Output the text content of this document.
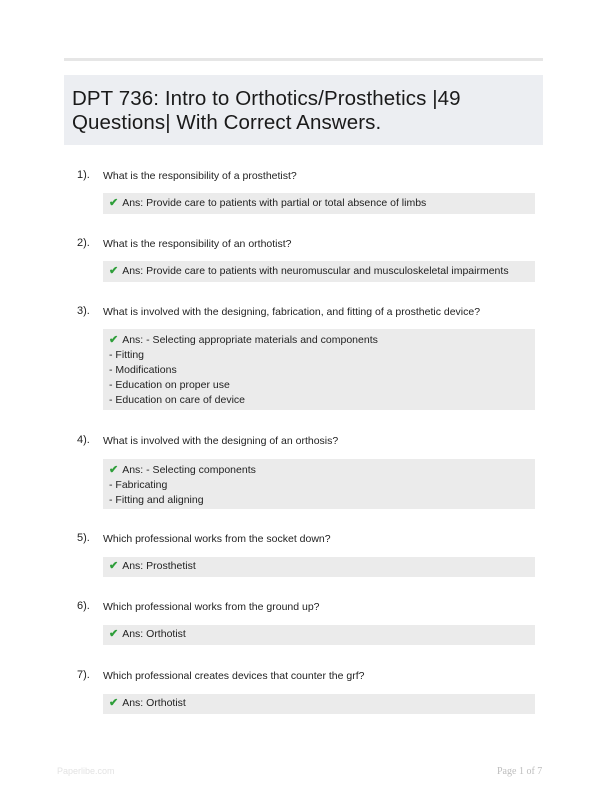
DPT 736: Intro to Orthotics/Prosthetics |49 Questions| With Correct Answers.
1). What is the responsibility of a prosthetist?
✔ Ans: Provide care to patients with partial or total absence of limbs
2). What is the responsibility of an orthotist?
✔ Ans: Provide care to patients with neuromuscular and musculoskeletal impairments
3). What is involved with the designing, fabrication, and fitting of a prosthetic device?
✔ Ans: - Selecting appropriate materials and components
- Fitting
- Modifications
- Education on proper use
- Education on care of device
4). What is involved with the designing of an orthosis?
✔ Ans: - Selecting components
- Fabricating
- Fitting and aligning
5). Which professional works from the socket down?
✔ Ans: Prosthetist
6). Which professional works from the ground up?
✔ Ans: Orthotist
7). Which professional creates devices that counter the grf?
✔ Ans: Orthotist
Paperlibe.com	Page 1 of 7
